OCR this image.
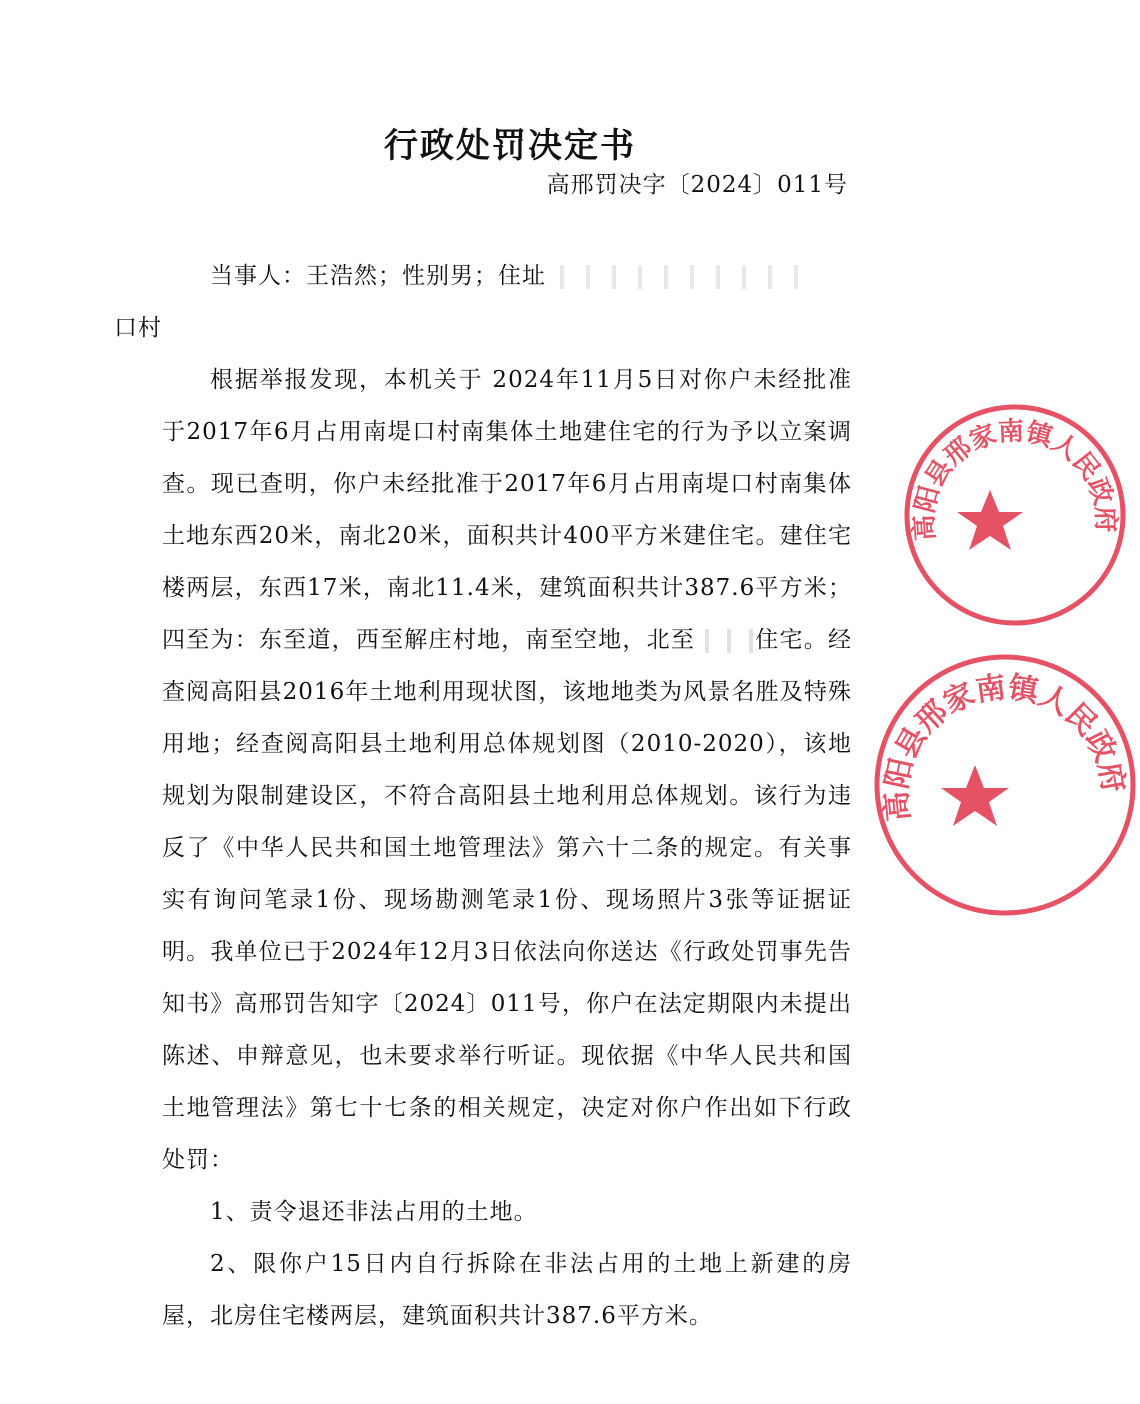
行政处罚决定书
高邢罚决字〔2024〕011号

当事人：王浩然；性别男；住址
口村

根据举报发现，本机关于 2024年11月5日对你户未经批准于2017年6月占用南堤口村南集体土地建住宅的行为予以立案调查。现已查明，你户未经批准于2017年6月占用南堤口村南集体土地东西20米，南北20米，面积共计400平方米建住宅。建住宅楼两层，东西17米，南北11.4米，建筑面积共计387.6平方米；四至为：东至道，西至解庄村地，南至空地，北至	住宅。经查阅高阳县2016年土地利用现状图，该地地类为风景名胜及特殊用地；经查阅高阳县土地利用总体规划图（2010-2020），该地规划为限制建设区，不符合高阳县土地利用总体规划。该行为违反了《中华人民共和国土地管理法》第六十二条的规定。有关事实有询问笔录1份、现场勘测笔录1份、现场照片3张等证据证明。我单位已于2024年12月3日依法向你送达《行政处罚事先告知书》高邢罚告知字〔2024〕011号，你户在法定期限内未提出陈述、申辩意见，也未要求举行听证。现依据《中华人民共和国土地管理法》第七十七条的相关规定，决定对你户作出如下行政处罚：

1、责令退还非法占用的土地。

2、限你户15日内自行拆除在非法占用的土地上新建的房屋，北房住宅楼两层，建筑面积共计387.6平方米。

高阳县邢家南镇人民政府
高阳县邢家南镇人民政府
